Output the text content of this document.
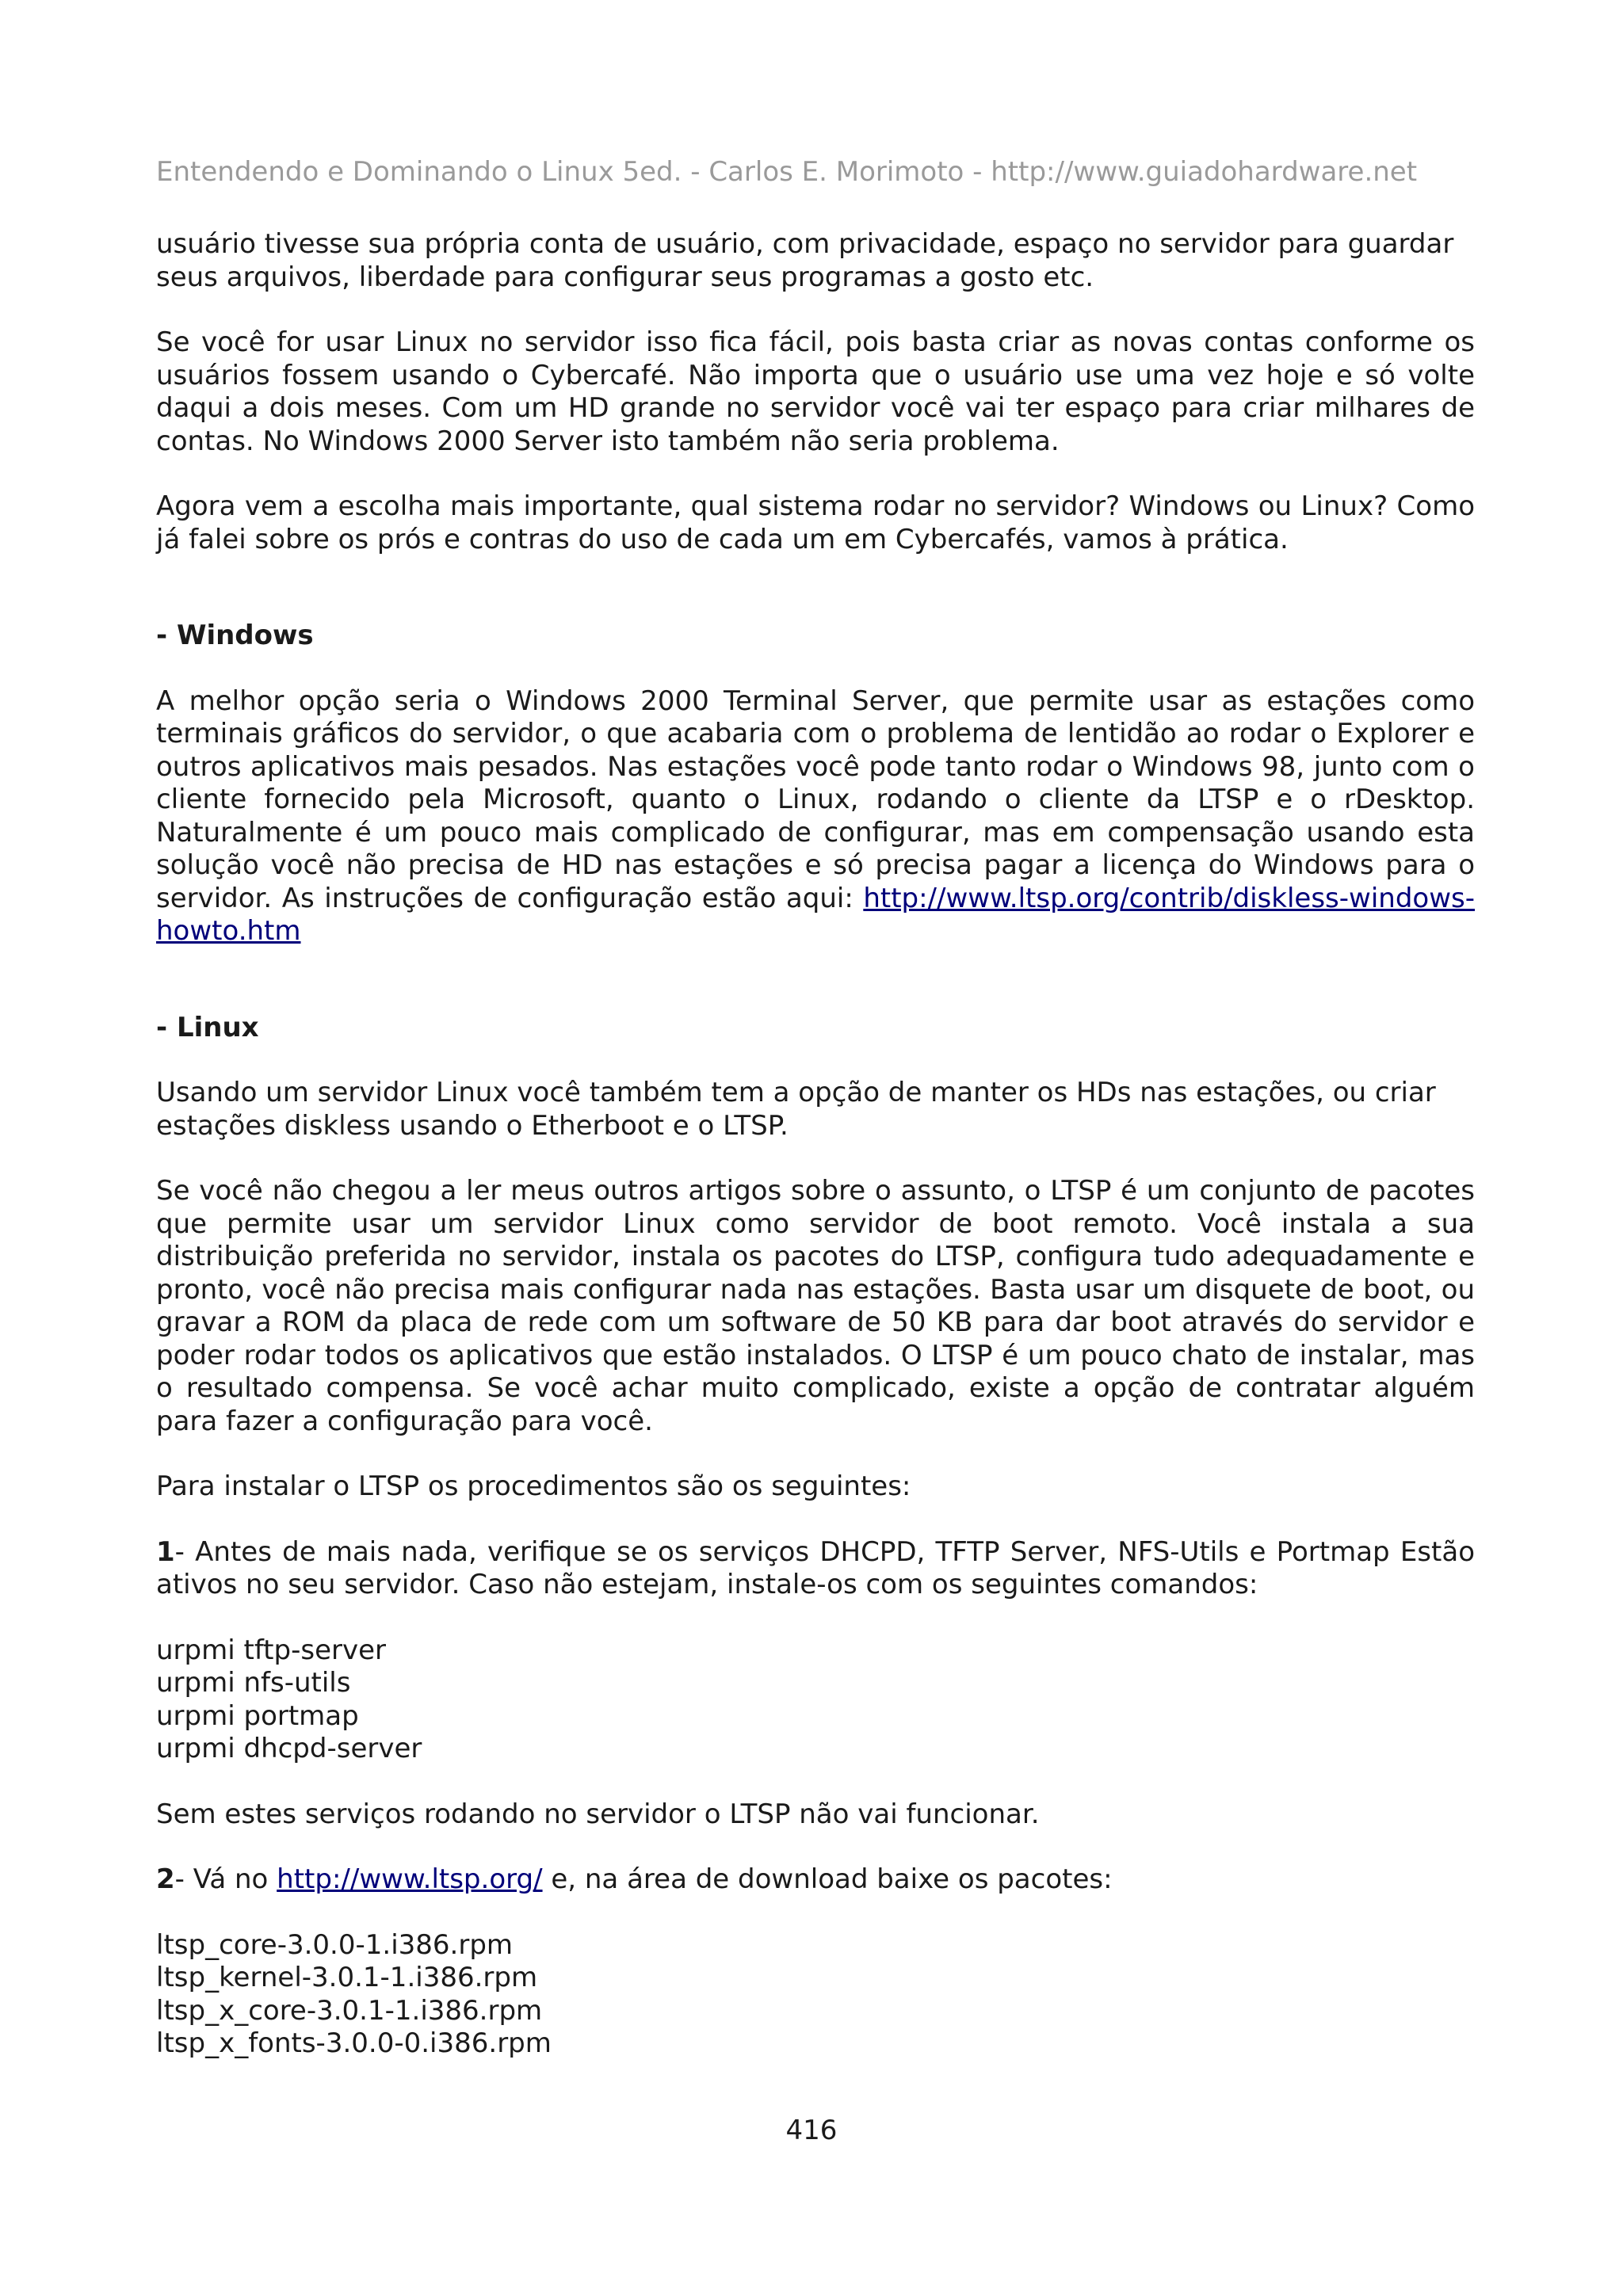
Entendendo e Dominando o Linux 5ed. - Carlos E. Morimoto - http://www.guiadohardware.net

usuário tivesse sua própria conta de usuário, com privacidade, espaço no servidor para guardar seus arquivos, liberdade para configurar seus programas a gosto etc.

Se você for usar Linux no servidor isso fica fácil, pois basta criar as novas contas conforme os usuários fossem usando o Cybercafé. Não importa que o usuário use uma vez hoje e só volte daqui a dois meses. Com um HD grande no servidor você vai ter espaço para criar milhares de contas. No Windows 2000 Server isto também não seria problema.

Agora vem a escolha mais importante, qual sistema rodar no servidor? Windows ou Linux? Como já falei sobre os prós e contras do uso de cada um em Cybercafés, vamos à prática.

- Windows

A melhor opção seria o Windows 2000 Terminal Server, que permite usar as estações como terminais gráficos do servidor, o que acabaria com o problema de lentidão ao rodar o Explorer e outros aplicativos mais pesados. Nas estações você pode tanto rodar o Windows 98, junto com o cliente fornecido pela Microsoft, quanto o Linux, rodando o cliente da LTSP e o rDesktop. Naturalmente é um pouco mais complicado de configurar, mas em compensação usando esta solução você não precisa de HD nas estações e só precisa pagar a licença do Windows para o servidor. As instruções de configuração estão aqui: http://www.ltsp.org/contrib/diskless-windows-howto.htm

- Linux

Usando um servidor Linux você também tem a opção de manter os HDs nas estações, ou criar estações diskless usando o Etherboot e o LTSP.

Se você não chegou a ler meus outros artigos sobre o assunto, o LTSP é um conjunto de pacotes que permite usar um servidor Linux como servidor de boot remoto. Você instala a sua distribuição preferida no servidor, instala os pacotes do LTSP, configura tudo adequadamente e pronto, você não precisa mais configurar nada nas estações. Basta usar um disquete de boot, ou gravar a ROM da placa de rede com um software de 50 KB para dar boot através do servidor e poder rodar todos os aplicativos que estão instalados. O LTSP é um pouco chato de instalar, mas o resultado compensa. Se você achar muito complicado, existe a opção de contratar alguém para fazer a configuração para você.

Para instalar o LTSP os procedimentos são os seguintes:

1- Antes de mais nada, verifique se os serviços DHCPD, TFTP Server, NFS-Utils e Portmap Estão ativos no seu servidor. Caso não estejam, instale-os com os seguintes comandos:

urpmi tftp-server
urpmi nfs-utils
urpmi portmap
urpmi dhcpd-server

Sem estes serviços rodando no servidor o LTSP não vai funcionar.

2- Vá no http://www.ltsp.org/ e, na área de download baixe os pacotes:

ltsp_core-3.0.0-1.i386.rpm
ltsp_kernel-3.0.1-1.i386.rpm
ltsp_x_core-3.0.1-1.i386.rpm
ltsp_x_fonts-3.0.0-0.i386.rpm
416
